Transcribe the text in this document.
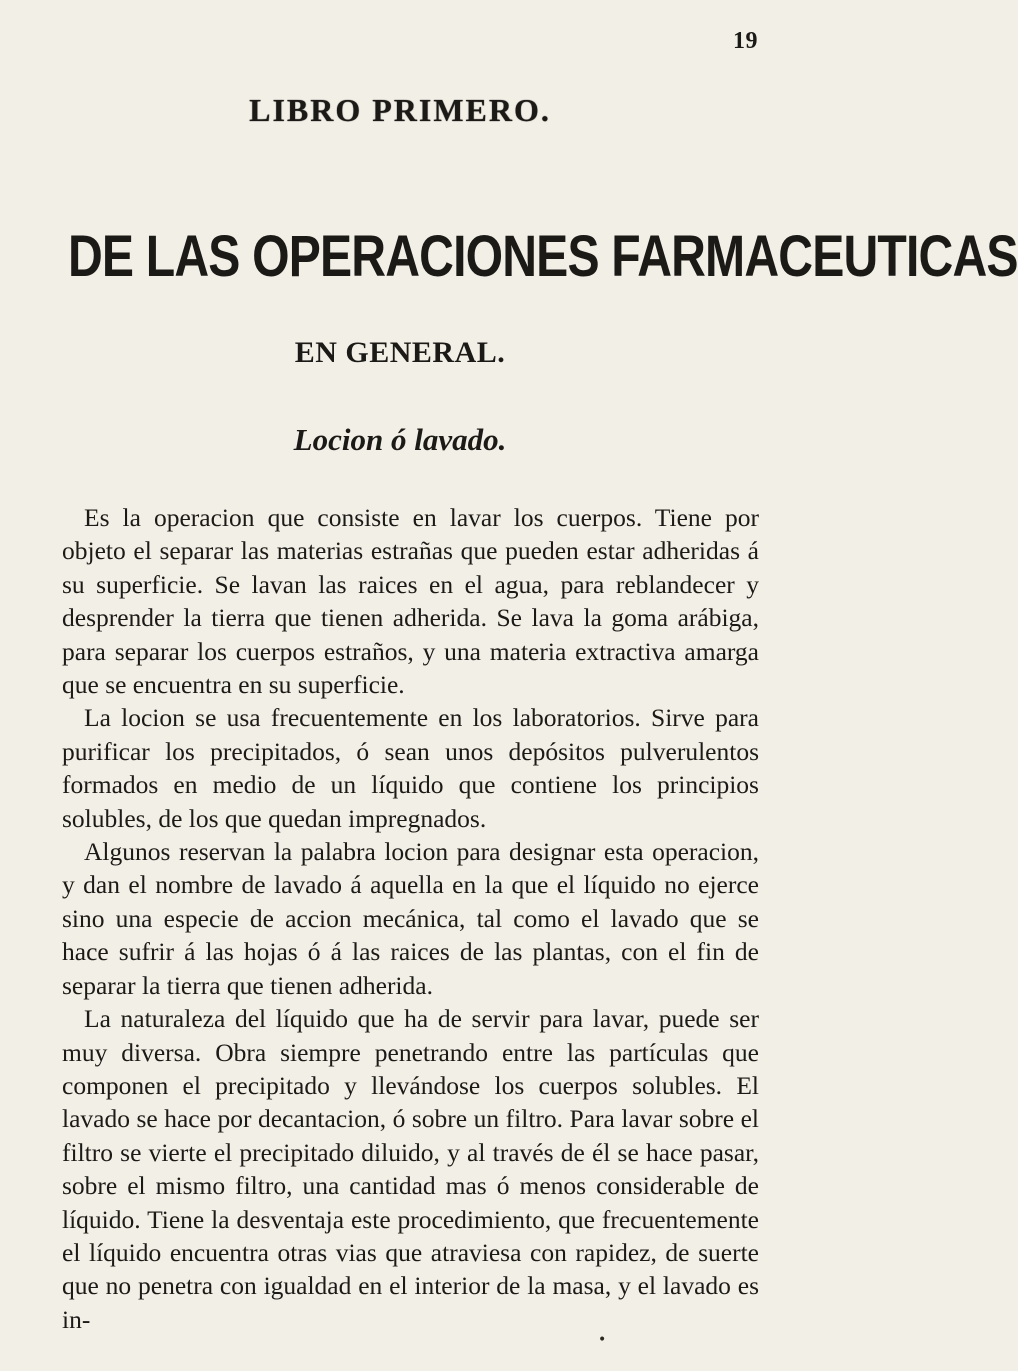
19
LIBRO PRIMERO.
DE LAS OPERACIONES FARMACEUTICAS
EN GENERAL.
Locion ó lavado.

Es la operacion que consiste en lavar los cuerpos. Tiene por objeto el separar las materias estrañas que pueden estar adheridas á su superficie. Se lavan las raices en el agua, para reblandecer y desprender la tierra que tienen adherida. Se lava la goma arábiga, para separar los cuerpos estraños, y una materia extractiva amarga que se encuentra en su superficie.

La locion se usa frecuentemente en los laboratorios. Sirve para purificar los precipitados, ó sean unos depósitos pulverulentos formados en medio de un líquido que contiene los principios solubles, de los que quedan impregnados.

Algunos reservan la palabra locion para designar esta operacion, y dan el nombre de lavado á aquella en la que el líquido no ejerce sino una especie de accion mecánica, tal como el lavado que se hace sufrir á las hojas ó á las raices de las plantas, con el fin de separar la tierra que tienen adherida.

La naturaleza del líquido que ha de servir para lavar, puede ser muy diversa. Obra siempre penetrando entre las partículas que componen el precipitado y llevándose los cuerpos solubles. El lavado se hace por decantacion, ó sobre un filtro. Para lavar sobre el filtro se vierte el precipitado diluido, y al través de él se hace pasar, sobre el mismo filtro, una cantidad mas ó menos considerable de líquido. Tiene la desventaja este procedimiento, que frecuentemente el líquido encuentra otras vias que atraviesa con rapidez, de suerte que no penetra con igualdad en el interior de la masa, y el lavado es in-

•
